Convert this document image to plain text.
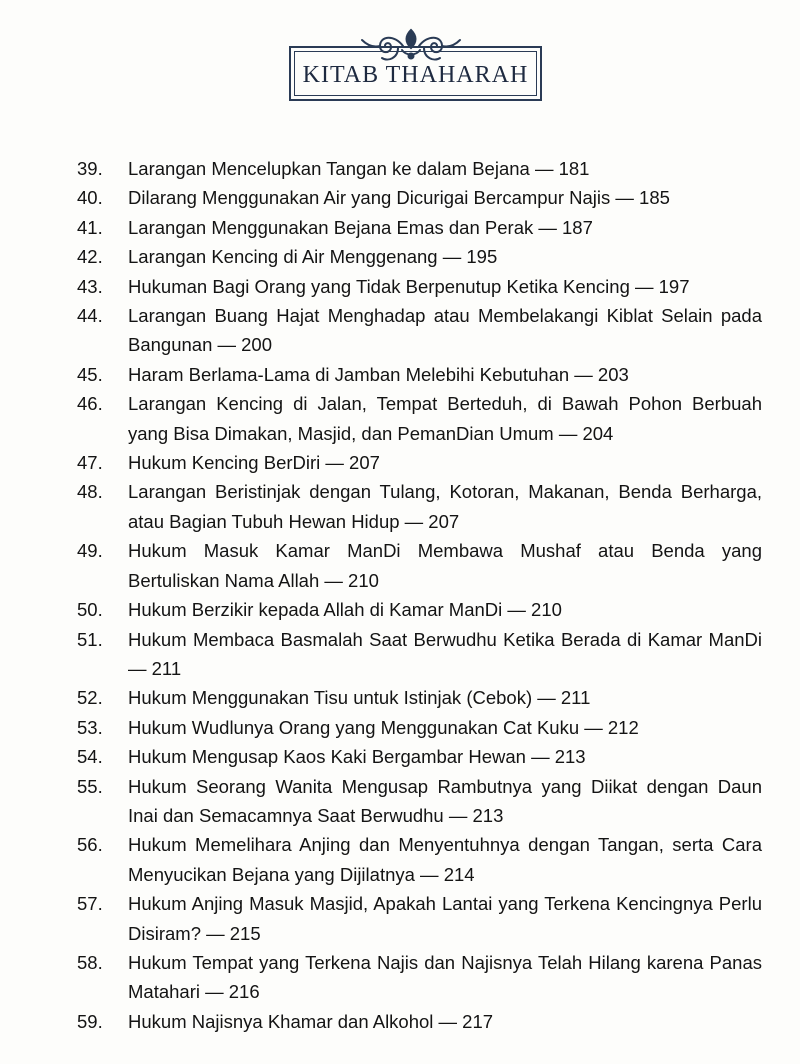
KITAB THAHARAH
39. Larangan Mencelupkan Tangan ke dalam Bejana — 181
40. Dilarang Menggunakan Air yang Dicurigai Bercampur Najis — 185
41. Larangan Menggunakan Bejana Emas dan Perak — 187
42. Larangan Kencing di Air Menggenang — 195
43. Hukuman Bagi Orang yang Tidak Berpenutup Ketika Kencing — 197
44. Larangan Buang Hajat Menghadap atau Membelakangi Kiblat Selain pada Bangunan — 200
45. Haram Berlama-Lama di Jamban Melebihi Kebutuhan — 203
46. Larangan Kencing di Jalan, Tempat Berteduh, di Bawah Pohon Berbuah yang Bisa Dimakan, Masjid, dan PemanDian Umum — 204
47. Hukum Kencing BerDiri — 207
48. Larangan Beristinjak dengan Tulang, Kotoran, Makanan, Benda Berharga, atau Bagian Tubuh Hewan Hidup — 207
49. Hukum Masuk Kamar ManDi Membawa Mushaf atau Benda yang Bertuliskan Nama Allah — 210
50. Hukum Berzikir kepada Allah di Kamar ManDi — 210
51. Hukum Membaca Basmalah Saat Berwudhu Ketika Berada di Kamar ManDi — 211
52. Hukum Menggunakan Tisu untuk Istinjak (Cebok) — 211
53. Hukum Wudlunya Orang yang Menggunakan Cat Kuku — 212
54. Hukum Mengusap Kaos Kaki Bergambar Hewan — 213
55. Hukum Seorang Wanita Mengusap Rambutnya yang Diikat dengan Daun Inai dan Semacamnya Saat Berwudhu — 213
56. Hukum Memelihara Anjing dan Menyentuhnya dengan Tangan, serta Cara Menyucikan Bejana yang Dijilatnya — 214
57. Hukum Anjing Masuk Masjid, Apakah Lantai yang Terkena Kencingnya Perlu Disiram? — 215
58. Hukum Tempat yang Terkena Najis dan Najisnya Telah Hilang karena Panas Matahari — 216
59. Hukum Najisnya Khamar dan Alkohol — 217
